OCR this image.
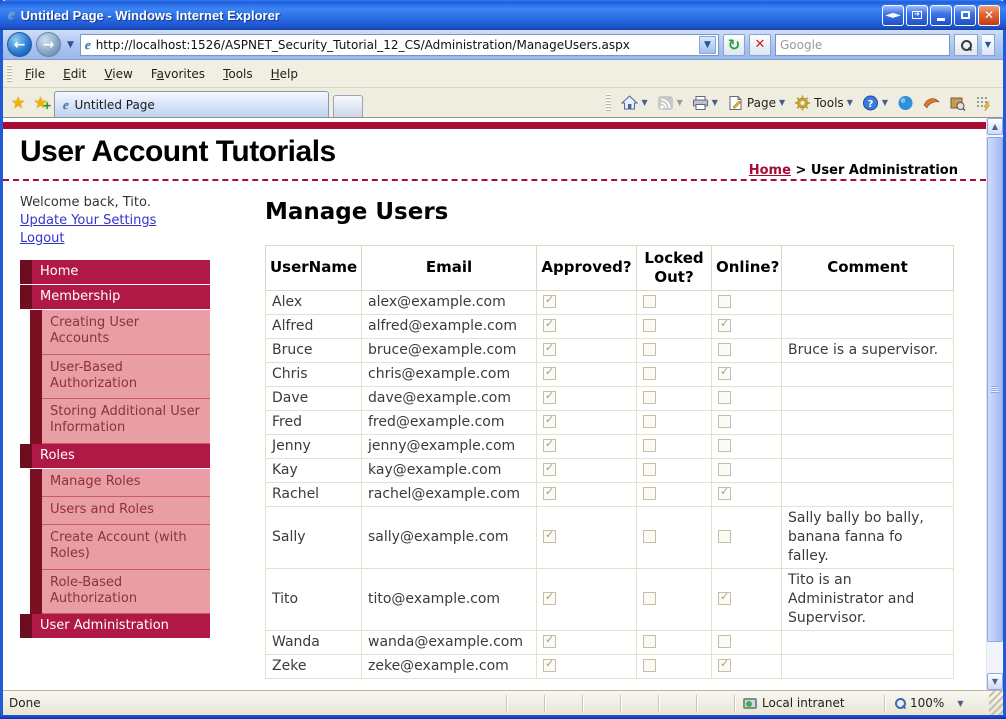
e Untitled Page - Windows Internet Explorer	◄► ➜	✕
←	→	▼ e http://localhost:1526/ASPNET_Security_Tutorial_12_CS/Administration/ManageUsers.aspx	▼	↻ ✕ Google	▼
File	Edit	View	Favorites	Tools	Help
★ ★ + e Untitled Page	▼	▼	▼ Page ▼ Tools ▼ ? ▼
User Account Tutorials
Home > User Administration
Welcome back, Tito.
Update Your Settings
Logout
Home
Membership
Creating User Accounts
User-Based Authorization
Storing Additional User Information
Roles
Manage Roles
Users and Roles
Create Account (with Roles)
Role-Based Authorization
User Administration
Manage Users
UserName	Email	Approved?	Locked Out?	Online?	Comment
Alex	alex@example.com	✓			
Alfred	alfred@example.com	✓		✓	
Bruce	bruce@example.com	✓			Bruce is a supervisor.
Chris	chris@example.com	✓		✓	
Dave	dave@example.com	✓			
Fred	fred@example.com	✓			
Jenny	jenny@example.com	✓			
Kay	kay@example.com	✓			
Rachel	rachel@example.com	✓		✓	
Sally	sally@example.com	✓			Sally bally bo bally, banana fanna fo falley.
Tito	tito@example.com	✓		✓	Tito is an Administrator and Supervisor.
Wanda	wanda@example.com	✓			
Zeke	zeke@example.com	✓		✓	
▲
▼
Done	Local intranet	100% ▼
